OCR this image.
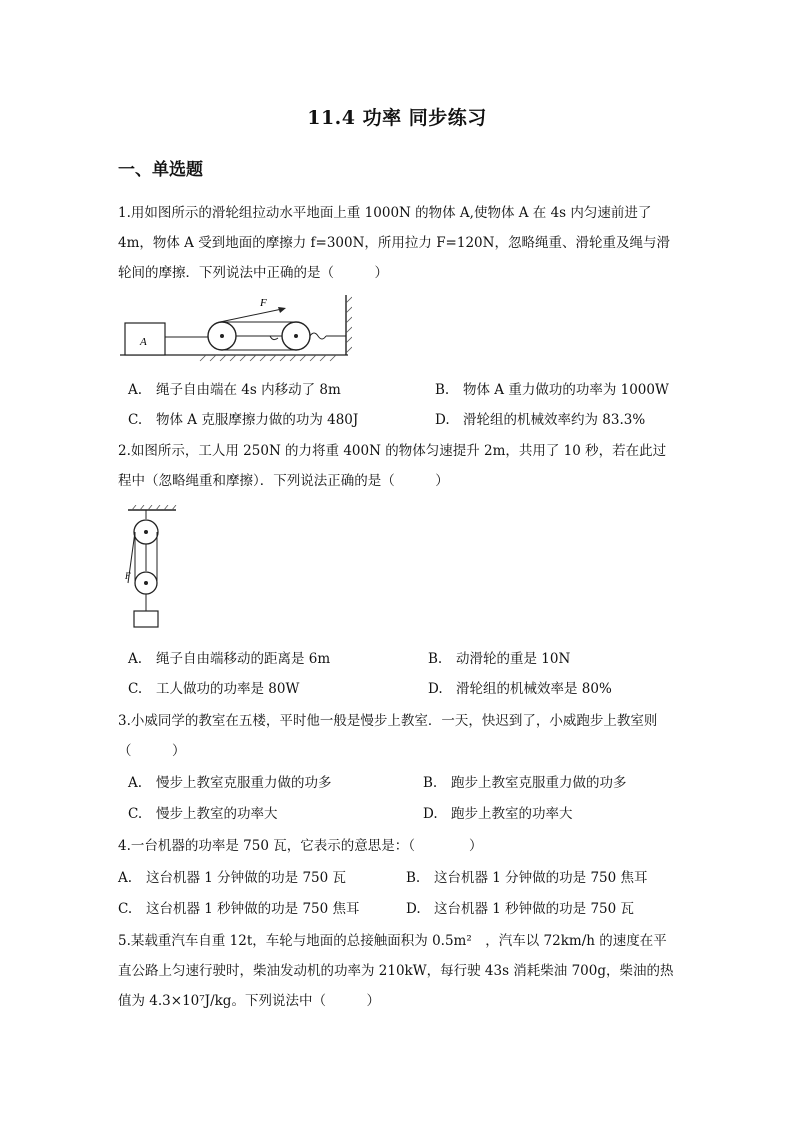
11.4 功率 同步练习
一、单选题

1.用如图所示的滑轮组拉动水平地面上重 1000N 的物体 A,使物体 A 在 4s 内匀速前进了 4m，物体 A 受到地面的摩擦力 f=300N，所用拉力 F=120N，忽略绳重、滑轮重及绳与滑轮间的摩擦．下列说法中正确的是（　　　）

A
F
A. 绳子自由端在 4s 内移动了 8m	B. 物体 A 重力做功的功率为 1000W
C. 物体 A 克服摩擦力做的功为 480J	D. 滑轮组的机械效率约为 83.3%

2.如图所示，工人用 250N 的力将重 400N 的物体匀速提升 2m，共用了 10 秒，若在此过程中（忽略绳重和摩擦）．下列说法正确的是（　　　）

F
A. 绳子自由端移动的距离是 6m	B. 动滑轮的重是 10N
C. 工人做功的功率是 80W	D. 滑轮组的机械效率是 80%

3.小威同学的教室在五楼，平时他一般是慢步上教室．一天，快迟到了，小威跑步上教室则（　　　）

A. 慢步上教室克服重力做的功多	B. 跑步上教室克服重力做的功多
C. 慢步上教室的功率大	D. 跑步上教室的功率大

4.一台机器的功率是 750 瓦，它表示的意思是：（　　　　）

A. 这台机器 1 分钟做的功是 750 瓦	B. 这台机器 1 分钟做的功是 750 焦耳
C. 这台机器 1 秒钟做的功是 750 焦耳	D. 这台机器 1 秒钟做的功是 750 瓦

5.某载重汽车自重 12t，车轮与地面的总接触面积为 0.5m²　，汽车以 72km/h 的速度在平直公路上匀速行驶时，柴油发动机的功率为 210kW，每行驶 43s 消耗柴油 700g，柴油的热值为 4.3×10⁷J/kg。下列说法中（　　　）
